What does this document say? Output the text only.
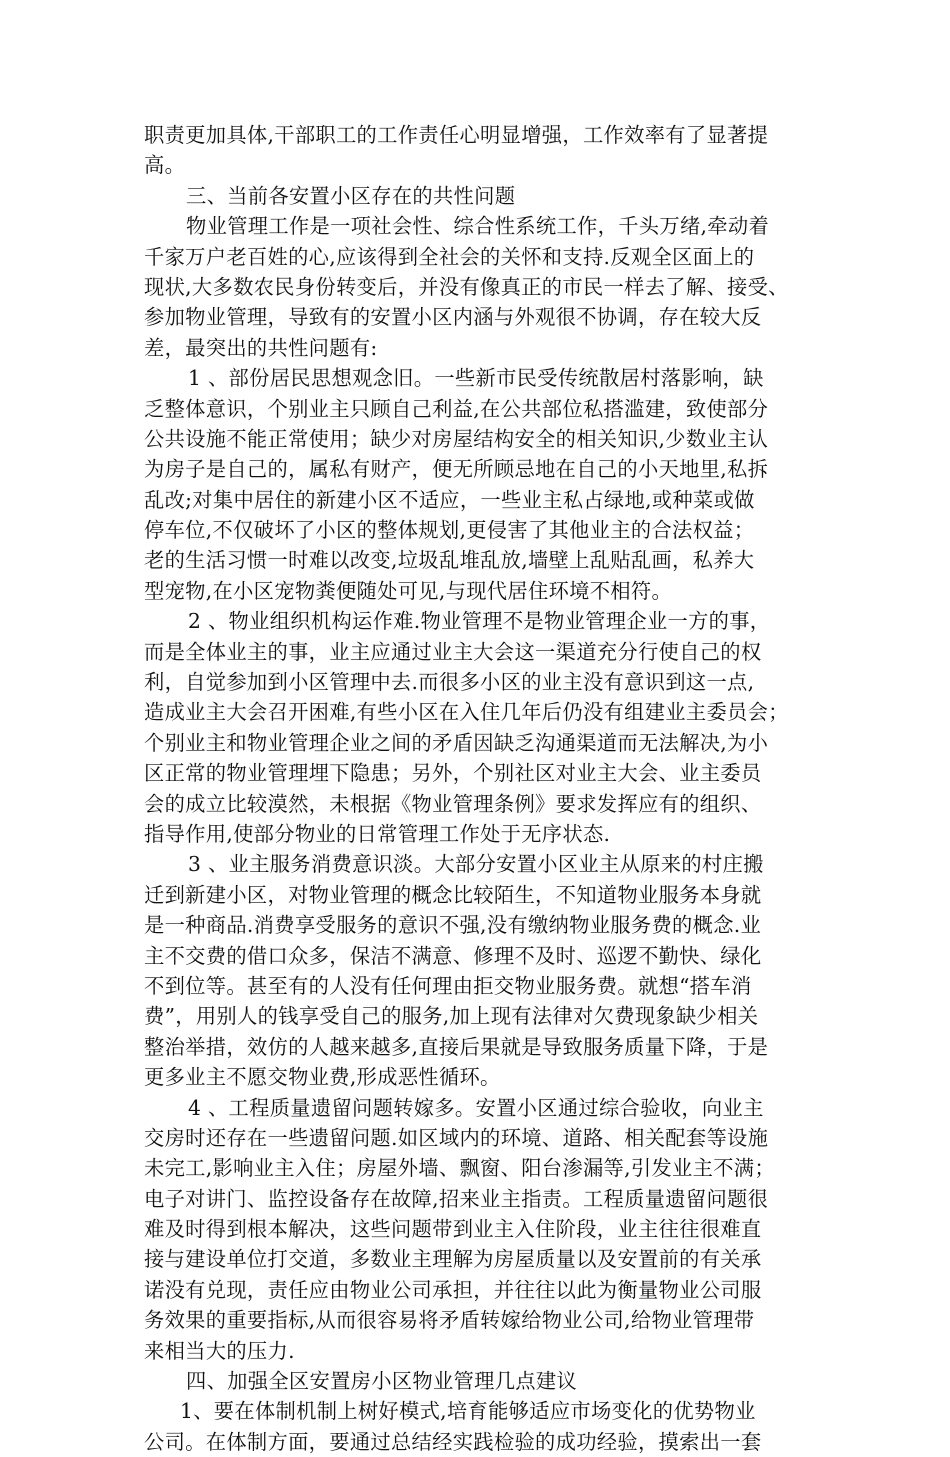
职责更加具体,干部职工的工作责任心明显增强，工作效率有了显著提
高。
三、当前各安置小区存在的共性问题
物业管理工作是一项社会性、综合性系统工作，千头万绪,牵动着
千家万户老百姓的心,应该得到全社会的关怀和支持.反观全区面上的
现状,大多数农民身份转变后，并没有像真正的市民一样去了解、接受、
参加物业管理，导致有的安置小区内涵与外观很不协调，存在较大反
差，最突出的共性问题有:
1 、部份居民思想观念旧。一些新市民受传统散居村落影响，缺
乏整体意识，个别业主只顾自己利益,在公共部位私搭滥建，致使部分
公共设施不能正常使用；缺少对房屋结构安全的相关知识,少数业主认
为房子是自己的，属私有财产，便无所顾忌地在自己的小天地里,私拆
乱改;对集中居住的新建小区不适应，一些业主私占绿地,或种菜或做
停车位,不仅破坏了小区的整体规划,更侵害了其他业主的合法权益；
老的生活习惯一时难以改变,垃圾乱堆乱放,墙壁上乱贴乱画，私养大
型宠物,在小区宠物粪便随处可见,与现代居住环境不相符。
2 、物业组织机构运作难.物业管理不是物业管理企业一方的事，
而是全体业主的事，业主应通过业主大会这一渠道充分行使自己的权
利，自觉参加到小区管理中去.而很多小区的业主没有意识到这一点,
造成业主大会召开困难,有些小区在入住几年后仍没有组建业主委员会；
个别业主和物业管理企业之间的矛盾因缺乏沟通渠道而无法解决,为小
区正常的物业管理埋下隐患；另外，个别社区对业主大会、业主委员
会的成立比较漠然，未根据《物业管理条例》要求发挥应有的组织、
指导作用,使部分物业的日常管理工作处于无序状态.
3 、业主服务消费意识淡。大部分安置小区业主从原来的村庄搬
迁到新建小区，对物业管理的概念比较陌生，不知道物业服务本身就
是一种商品.消费享受服务的意识不强,没有缴纳物业服务费的概念.业
主不交费的借口众多，保洁不满意、修理不及时、巡逻不勤快、绿化
不到位等。甚至有的人没有任何理由拒交物业服务费。就想“搭车消
费”，用别人的钱享受自己的服务,加上现有法律对欠费现象缺少相关
整治举措，效仿的人越来越多,直接后果就是导致服务质量下降，于是
更多业主不愿交物业费,形成恶性循环。
4 、工程质量遗留问题转嫁多。安置小区通过综合验收，向业主
交房时还存在一些遗留问题.如区域内的环境、道路、相关配套等设施
未完工,影响业主入住；房屋外墙、飘窗、阳台渗漏等,引发业主不满；
电子对讲门、监控设备存在故障,招来业主指责。工程质量遗留问题很
难及时得到根本解决，这些问题带到业主入住阶段，业主往往很难直
接与建设单位打交道，多数业主理解为房屋质量以及安置前的有关承
诺没有兑现，责任应由物业公司承担，并往往以此为衡量物业公司服
务效果的重要指标,从而很容易将矛盾转嫁给物业公司,给物业管理带
来相当大的压力.
四、加强全区安置房小区物业管理几点建议
1、要在体制机制上树好模式,培育能够适应市场变化的优势物业
公司。在体制方面，要通过总结经实践检验的成功经验，摸索出一套
